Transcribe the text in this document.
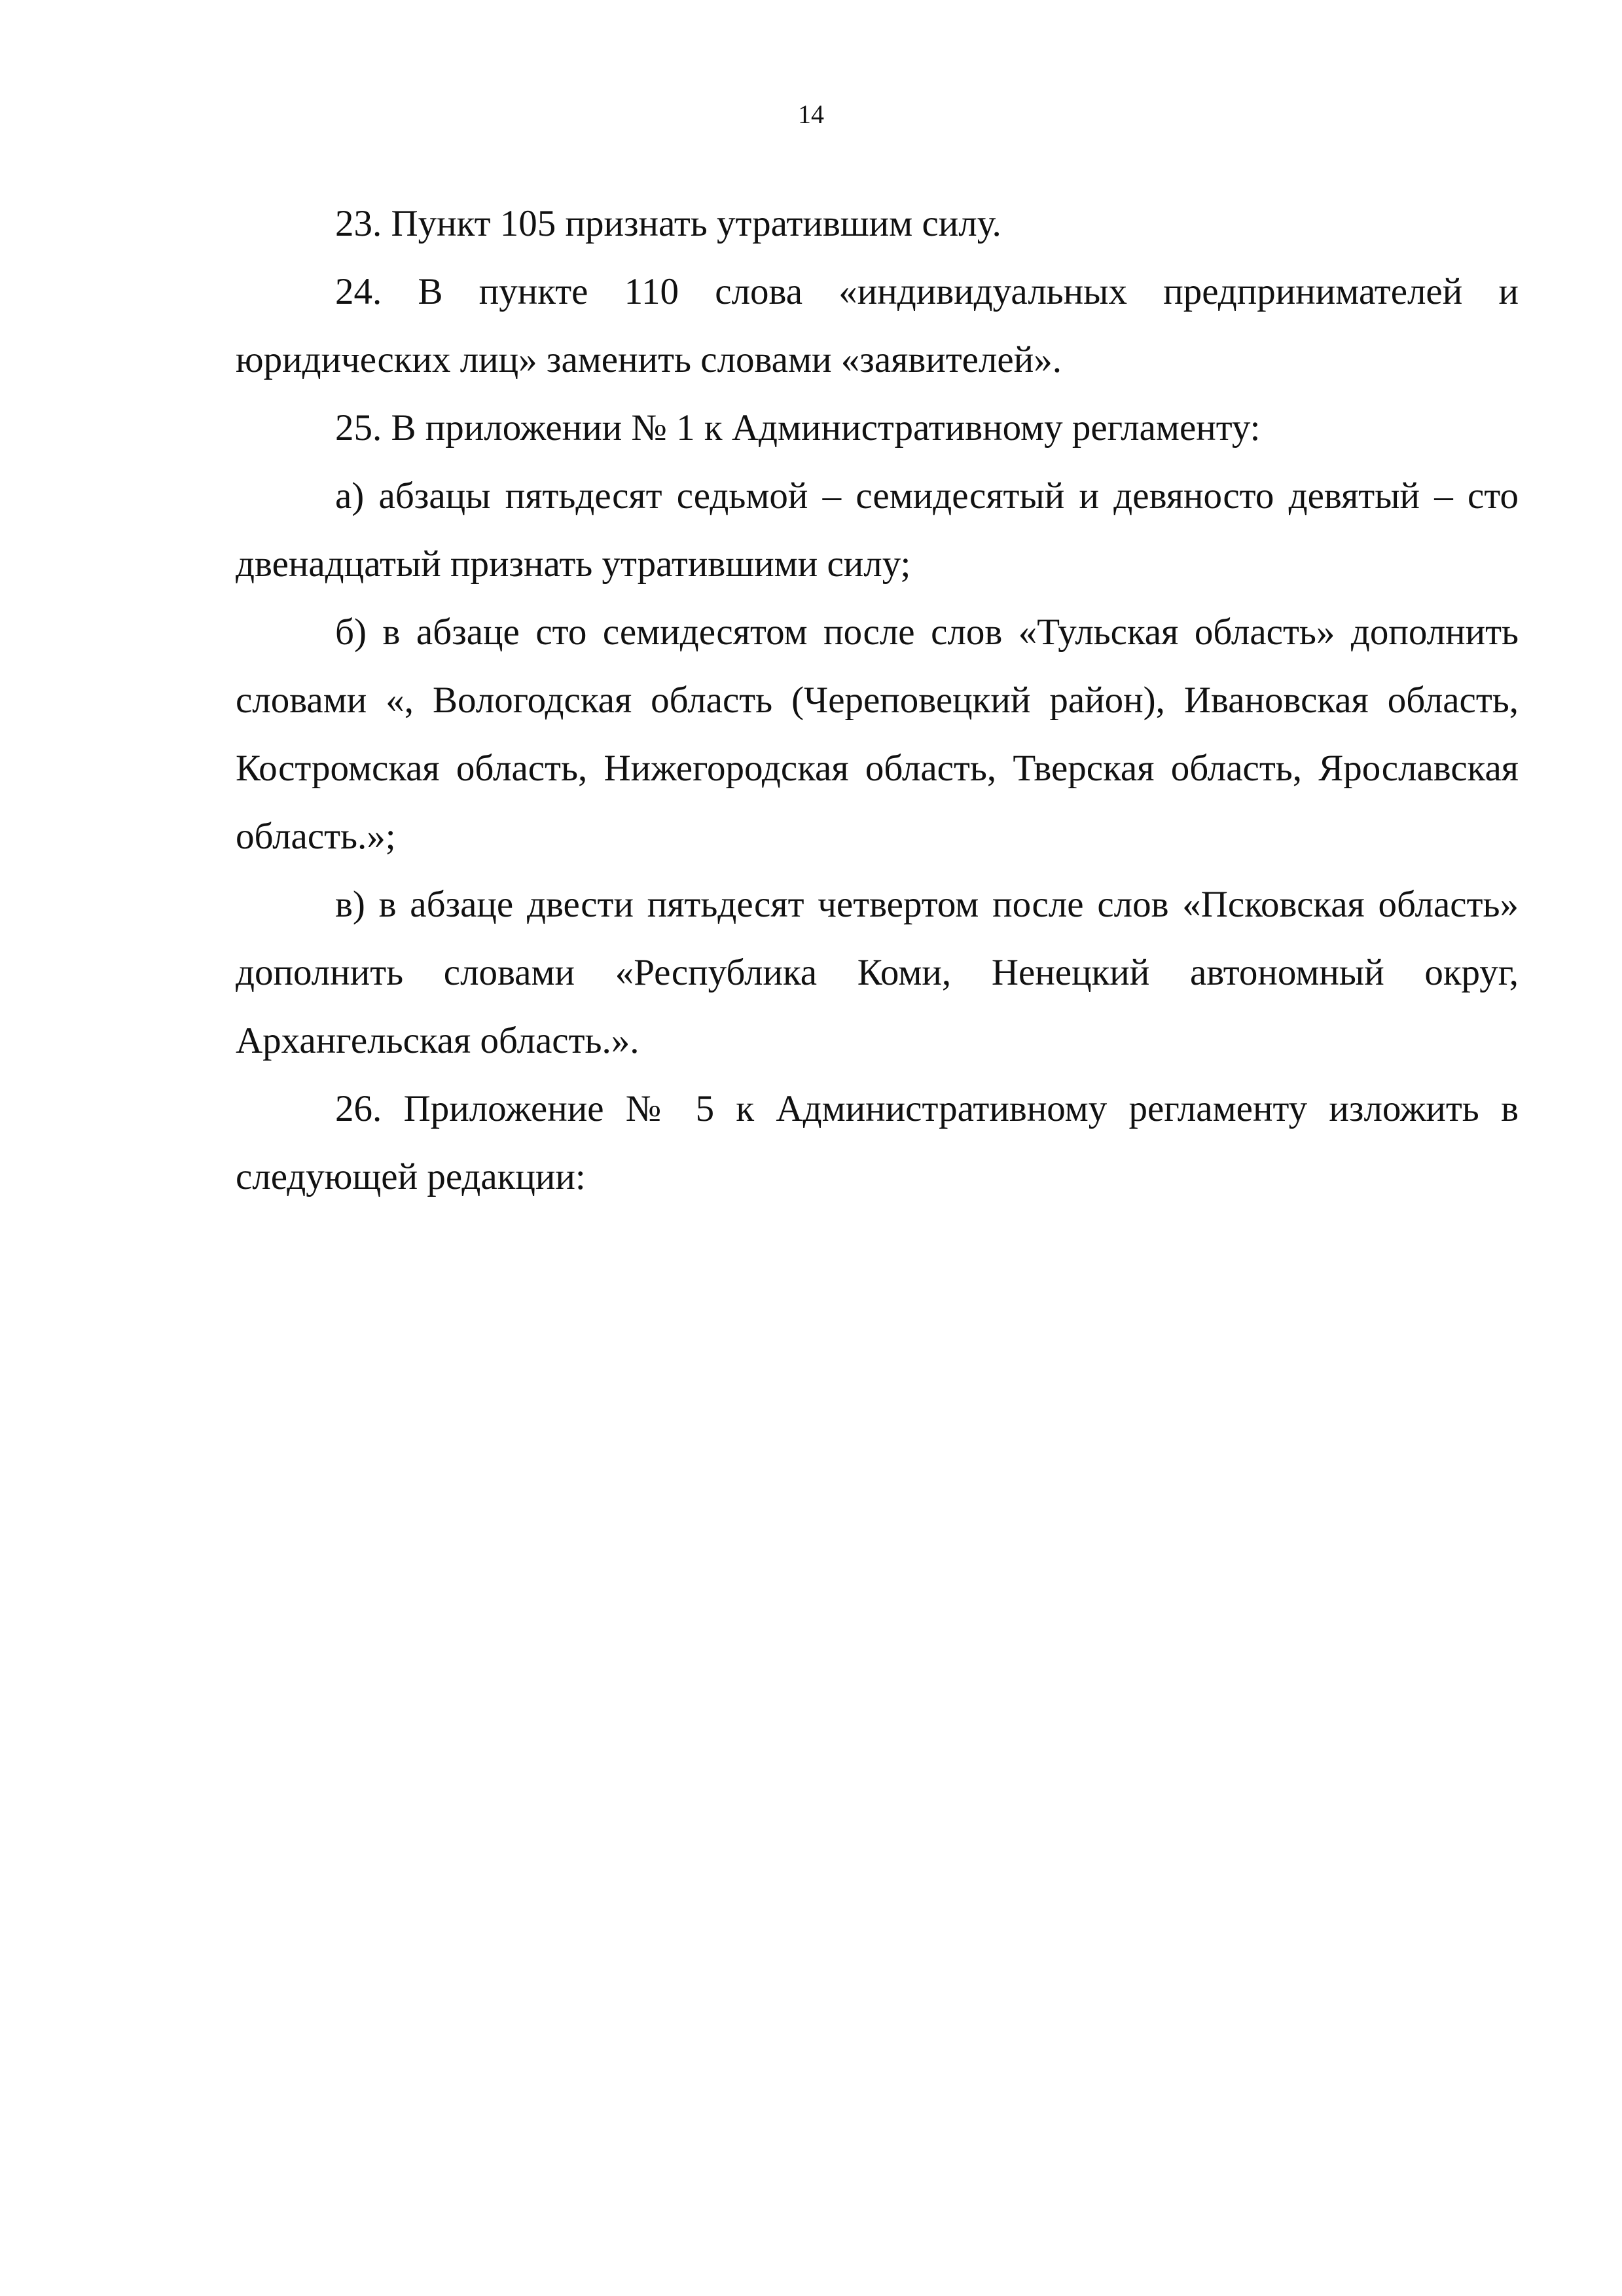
14

23. Пункт 105 признать утратившим силу.

24. В пункте 110 слова «индивидуальных предпринимателей и юридических лиц» заменить словами «заявителей».

25. В приложении № 1 к Административному регламенту:

а) абзацы пятьдесят седьмой – семидесятый и девяносто девятый – сто двенадцатый признать утратившими силу;

б) в абзаце сто семидесятом после слов «Тульская область» дополнить словами «, Вологодская область (Череповецкий район), Ивановская область, Костромская область, Нижегородская область, Тверская область, Ярославская область.»;

в) в абзаце двести пятьдесят четвертом после слов «Псковская область» дополнить словами «Республика Коми, Ненецкий автономный округ, Архангельская область.».

26. Приложение № 5 к Административному регламенту изложить в следующей редакции:
